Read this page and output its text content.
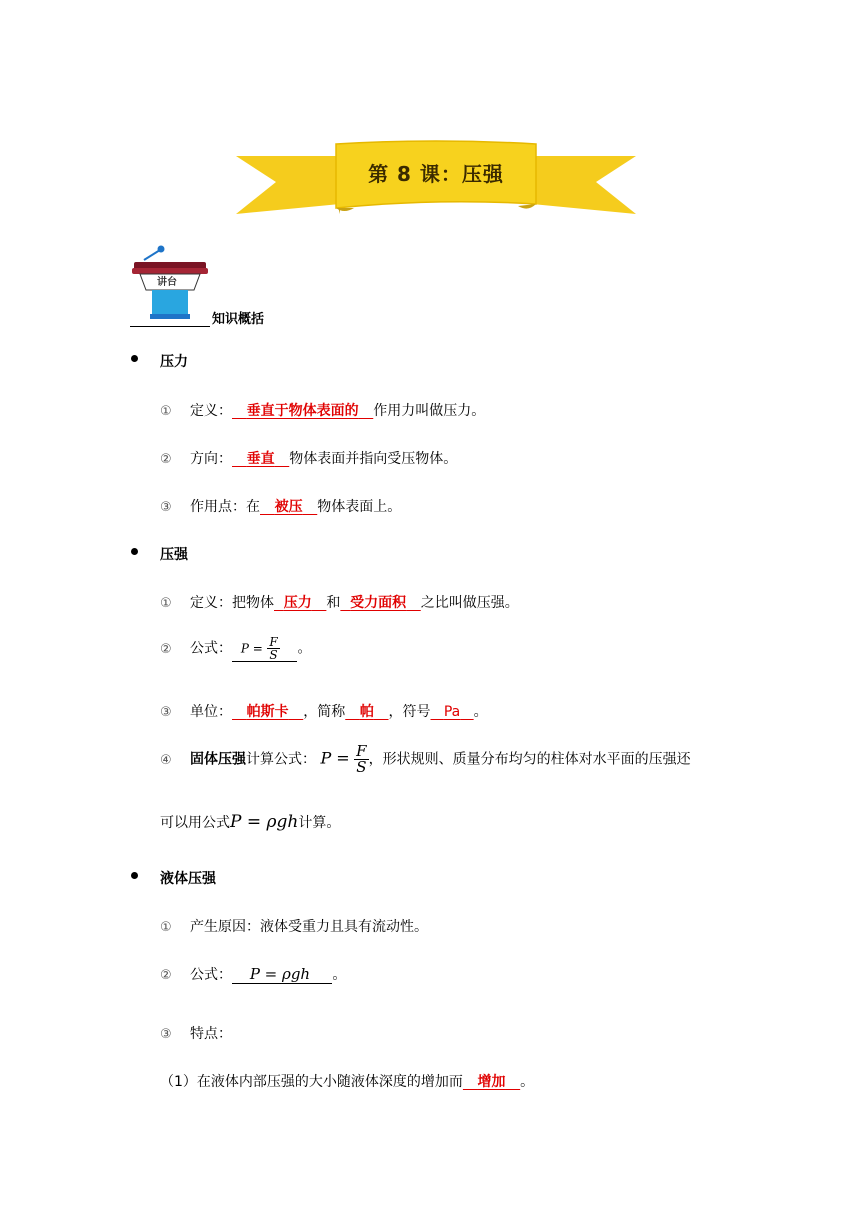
第 8 课：压强
讲台
知识概括
压力
① 定义： 垂直于物体表面的 作用力叫做压力。
② 方向： 垂直 物体表面并指向受压物体。
③ 作用点：在 被压 物体表面上。
压强
① 定义：把物体 压力 和 受力面积 之比叫做压强。
② 公式： $P = \frac{F}{S}$ 。
③ 单位： 帕斯卡 ，简称 帕 ，符号 Pa 。
④ 固体压强计算公式： $P = \frac{F}{S}$ ，形状规则、质量分布均匀的柱体对水平面的压强还
可以用公式P = ρgh计算。
液体压强
① 产生原因：液体受重力且具有流动性。
② 公式： P = ρgh 。
③ 特点：
（1）在液体内部压强的大小随液体深度的增加而 增加 。
